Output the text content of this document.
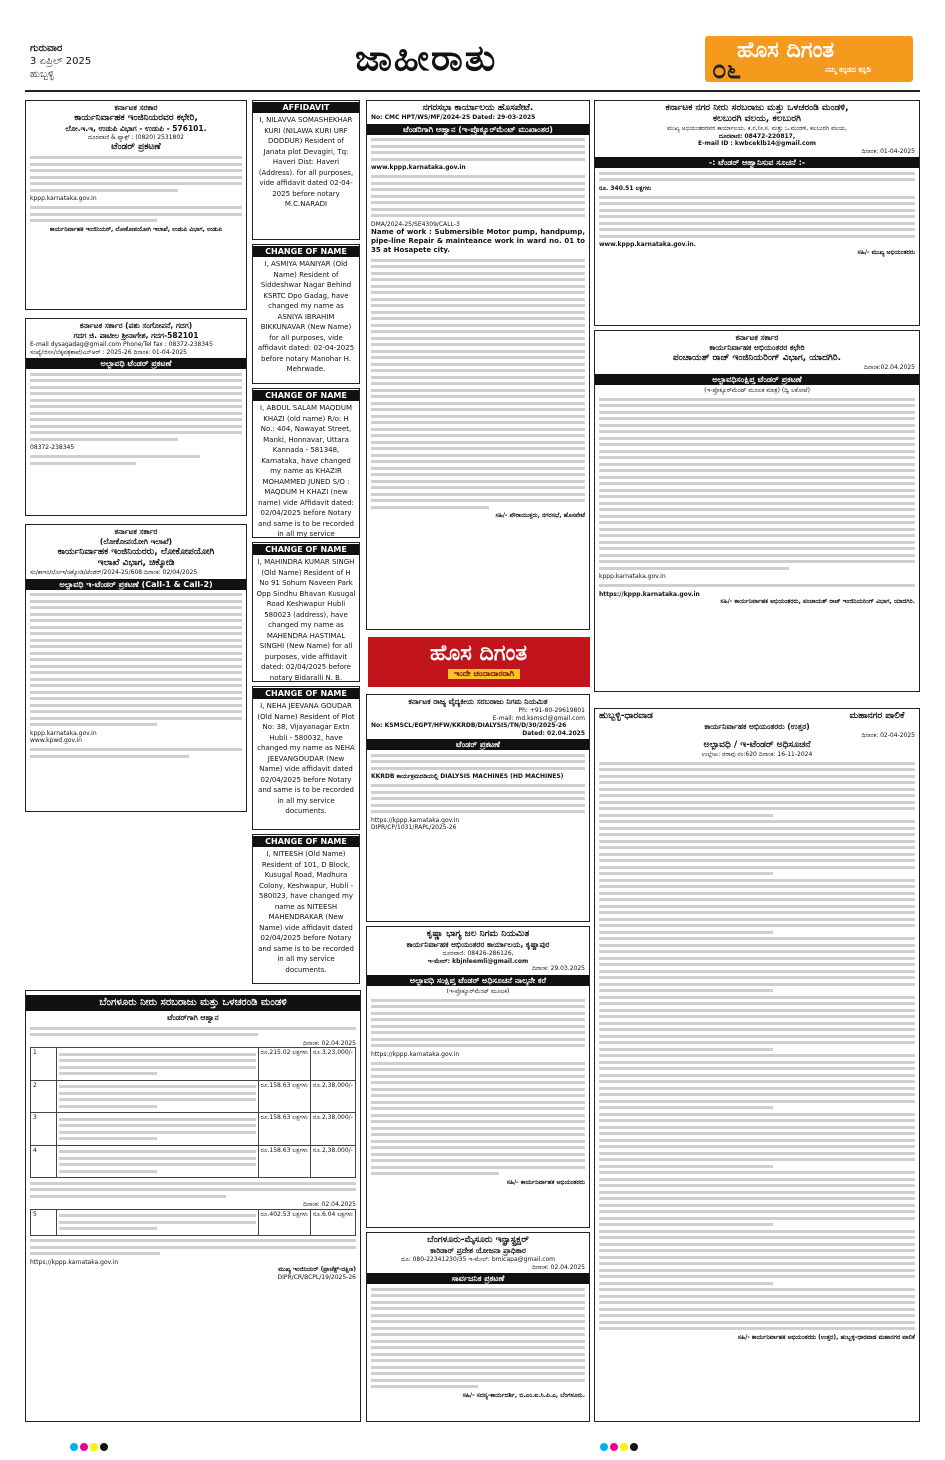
ಗುರುವಾರ
3 ಏಪ್ರಿಲ್ 2025
ಹುಬ್ಬಳ್ಳಿ	ಜಾಹೀರಾತು	ಹೊಸ ದಿಗಂತ
ನಮ್ಮ ಕನ್ನಡದ ಕನ್ನಡಿ
೦೬
ಕರ್ನಾಟಕ ಸರಕಾರ
ಕಾರ್ಯನಿರ್ವಾಹಕ ಇಂಜಿನಿಯರವರ ಕಛೇರಿ,
ಲೋ.ಇ.ಇ, ಉಡುಪಿ ವಿಭಾಗ - ಉಡುಪಿ - 576101.
ದೂರವಾಣಿ & ಫ್ಯಾಕ್ಸ್ : (0820) 2531802
ಟೆಂಡರ್ ಪ್ರಕಟಣೆ
kppp.karnataka.gov.in
ಕಾರ್ಯನಿರ್ವಾಹಕ ಇಂಜಿನಿಯರ್, ಲೋಕೋಪಯೋಗಿ ಇಲಾಖೆ, ಉಡುಪಿ ವಿಭಾಗ, ಉಡುಪಿ
ಕರ್ನಾಟಕ ಸರ್ಕಾರ (ಪಶು ಸಂಗೋಪನೆ, ಗದಗ)
ಗದಗ ಜಿ. ಪಾಟೀಲ ಶ್ರೀನಾಗೇಶ, ಗದಗ-582101
E-mail dysagadag@gmail.com Phone/Tel fax : 08372-238345
ಸಂಖ್ಯೆ/ಜಿಸಸ/ಲೆಕ್ಕಪತ್ರಶಾಖೆ/ಎನ್‌ಆರ್ : 2025-26 ದಿನಾಂಕ: 01-04-2025
ಅಲ್ಪಾವಧಿ ಟೆಂಡರ್ ಪ್ರಕಟಣೆ
08372-238345
ಕರ್ನಾಟಕ ಸರ್ಕಾರ
(ಲೋಕೋಪಯೋಗಿ ಇಲಾಖೆ)
ಕಾರ್ಯನಿರ್ವಾಹಕ ಇಂಜಿನಿಯರರು, ಲೋಕೋಪಯೋಗಿ
ಇಲಾಖೆ ವಿಭಾಗ, ಚಿಕ್ಕೋಡಿ
ಸಂ/ಕಾಇಂ/ಲೋಇ/ಚಿಕ್ಕೋಡಿ/ಟೆಂಡರ್/2024-25/608 ದಿನಾಂಕ: 02/04/2025
ಅಲ್ಪಾವಧಿ ಇ-ಟೆಂಡರ್ ಪ್ರಕಟಣೆ (Call-1 & Call-2)
kppp.karnataka.gov.in
www.kpwd.gov.in
AFFIDAVIT
I, NILAVVA SOMASHEKHAR KURI (NILAWA KURI URF DODDUR) Resident of Janata plot Devagiri, Tq: Haveri Dist: Haveri (Address). for all purposes, vide affidavit dated 02-04-2025 before notary M.C.NARADI
CHANGE OF NAME
I, ASMIYA MANIYAR (Old Name) Resident of Siddeshwar Nagar Behind KSRTC Dpo Gadag, have changed my name as ASNIYA IBRAHIM BIKKUNAVAR (New Name) for all purposes, vide affidavit dated: 02-04-2025 before notary Manohar H. Mehrwade.
CHANGE OF NAME
I, ABDUL SALAM MAQDUM KHAZI (old name) R/o: H No.: 404, Nawayat Street, Manki, Honnavar, Uttara Kannada - 581348, Karnataka, have changed my name as KHAZIR MOHAMMED JUNED S/O : MAQDUM H KHAZI (new name) vide Affidavit dated: 02/04/2025 before Notary and same is to be recorded in all my service
CHANGE OF NAME
I, MAHINDRA KUMAR SINGH (Old Name) Resident of H No 91 Sohum Naveen Park Opp Sindhu Bhavan Kusugal Road Keshwapur Hubli 580023 (address), have changed my name as MAHENDRA HASTIMAL SINGHI (New Name) for all purposes, vide affidavit dated: 02/04/2025 before notary Bidaralli N. B.
CHANGE OF NAME
I, NEHA JEEVANA GOUDAR (Old Name) Resident of Plot No: 38, Vijayanagar Extn Hubli - 580032, have changed my name as NEHA JEEVANGOUDAR (New Name) vide affidavit dated 02/04/2025 before Notary and same is to be recorded in all my service documents.
CHANGE OF NAME
I, NITEESH (Old Name) Resident of 101, D Block, Kusugal Road, Madhura Colony, Keshwapur, Hubli - 580023, have changed my name as NITEESH MAHENDRAKAR (New Name) vide affidavit dated 02/04/2025 before Notary and same is to be recorded in all my service documents.
ಬೆಂಗಳೂರು ನೀರು ಸರಬರಾಜು ಮತ್ತು ಒಳಚರಂಡಿ ಮಂಡಳಿ
ಟೆಂಡರ್‌ಗಾಗಿ ಆಹ್ವಾನ
ದಿನಾಂಕ: 02.04.2025
1		ರೂ.215.02 ಲಕ್ಷಗಳು	ರೂ.3,23,000/-
2		ರೂ.158.63 ಲಕ್ಷಗಳು	ರೂ.2,38,000/-
3		ರೂ.158.63 ಲಕ್ಷಗಳು	ರೂ.2,38,000/-
4		ರೂ.158.63 ಲಕ್ಷಗಳು	ರೂ.2,38,000/-
ದಿನಾಂಕ: 02.04.2025
5		ರೂ.402.53 ಲಕ್ಷಗಳು	ರೂ.6.04 ಲಕ್ಷಗಳು
https://kppp.karnataka.gov.in
ಮುಖ್ಯ ಇಂಜಿನಿಯರ್ (ಪ್ರಾಜೆಕ್ಟ್-ದಕ್ಷಿಣ)
DIPR/CR/BCPL/19/2025-26
ನಗರಸಭಾ ಕಾರ್ಯಾಲಯ ಹೊಸಪೇಟೆ.
No: CMC HPT/WS/MF/2024-25 Dated: 29-03-2025
ಟೆಂಡರಿಗಾಗಿ ಆಹ್ವಾನ (ಇ-ಪ್ರೊಕ್ಯೂರ್‌ಮೆಂಟ್ ಮುಖಾಂತರ)
www.kppp.karnataka.gov.in
DMA/2024-25/SE4309/CALL-3
Name of work : Submersible Motor pump, handpump, pipe-line Repair & mainteance work in ward no. 01 to 35 at Hosapete city.
ಸಹಿ/- ಪೌರಾಯುಕ್ತರು, ನಗರಸಭೆ, ಹೊಸಪೇಟೆ
ಹೊಸ ದಿಗಂತ
ಇಂದೇ ಚಂದಾದಾರರಾಗಿ
ಕರ್ನಾಟಕ ರಾಜ್ಯ ವೈದ್ಯಕೀಯ ಸರಬರಾಜು ನಿಗಮ ನಿಯಮಿತ
Ph: +91-80-29619801
E-mail: md.ksmscl@gmail.com
No: KSMSCL/EGPT/HFW/KKRDB/DIALYSIS/TN/D/30/2025-26
Dated: 02.04.2025
ಟೆಂಡರ್ ಪ್ರಕಟಣೆ
KKRDB ಕಾರ್ಯಕ್ರಮದಡಿಯಲ್ಲಿ DIALYSIS MACHINES (HD MACHINES)
https://kppp.karnataka.gov.in
DIPR/CP/1031/RAPL/2025-26
ಕೃಷ್ಣಾ ಭಾಗ್ಯ ಜಲ ನಿಗಮ ನಿಯಮಿತ
ಕಾರ್ಯನಿರ್ವಾಹಕ ಅಭಿಯಂತರರ ಕಾರ್ಯಾಲಯ, ಕೃಷ್ಣಾಪುರ
ದೂರವಾಣಿ: 08426-286126,
ಇ-ಮೇಲ್: kbjnleemli@gmail.com
ದಿನಾಂಕ: 29.03.2025
ಅಲ್ಪಾವಧಿ ಸಂಕ್ಷಿಪ್ತ ಟೆಂಡರ್ ಅಧಿಸೂಚನೆ ನಾಲ್ಕನೇ ಕರೆ
(ಇ-ಪ್ರೊಕ್ಯೂರ್‌ಮೆಂಟ್ ಮೂಲಕ)
https://kppp.karnataka.gov.in
ಸಹಿ/- ಕಾರ್ಯನಿರ್ವಾಹಕ ಅಭಿಯಂತರರು
ಬೆಂಗಳೂರು-ಮೈಸೂರು ಇನ್ಫ್ರಾಸ್ಟ್ರಕ್ಚರ್
ಕಾರಿಡಾರ್ ಪ್ರದೇಶ ಯೋಜನಾ ಪ್ರಾಧಿಕಾರ
ದೂ: 080-22341230/35 ಇ-ಮೇಲ್: bmicapa@gmail.com
ದಿನಾಂಕ: 02.04.2025
ಸಾರ್ವಜನಿಕ ಪ್ರಕಟಣೆ
ಸಹಿ/- ಸದಸ್ಯ-ಕಾರ್ಯದರ್ಶಿ, ಬಿ.ಎಂ.ಐ.ಸಿ.ಪಿ.ಎ, ಬೆಂಗಳೂರು.
ಕರ್ನಾಟಕ ನಗರ ನೀರು ಸರಬರಾಜು ಮತ್ತು ಒಳಚರಂಡಿ ಮಂಡಳಿ,
ಕಲಬುರಗಿ ವಲಯ, ಕಲಬುರಗಿ
ಮುಖ್ಯ ಅಭಿಯಂತರರವರ ಕಾರ್ಯಾಲಯ, ಕ.ನ.ನೀ.ಸ. ಮತ್ತು ಒ.ಮಂಡಳಿ, ಕಲಬುರಗಿ ವಲಯ,
ದೂರವಾಣಿ: 08472-220817,
E-mail ID : kwbceklb14@gmail.com
ದಿನಾಂಕ: 01-04-2025
-: ಟೆಂಡರ್ ಆಹ್ವಾನಿಸುವ ಸೂಚನೆ :-
ರೂ. 340.51 ಲಕ್ಷಗಳು
www.kppp.karnataka.gov.in.
ಸಹಿ/- ಮುಖ್ಯ ಅಭಿಯಂತರರು
ಕರ್ನಾಟಕ ಸರ್ಕಾರ
ಕಾರ್ಯನಿರ್ವಾಹಕ ಅಭಿಯಂತರರ ಕಛೇರಿ
ಪಂಚಾಯತ್ ರಾಜ್ ಇಂಜಿನಿಯರಿಂಗ್ ವಿಭಾಗ, ಯಾದಗಿರಿ.
ದಿನಾಂಕ:02.04.2025
ಅಲ್ಪಾವಧಿಸಂಕ್ಷಿಪ್ತ ಟೆಂಡರ್ ಪ್ರಕಟಣೆ
(ಇ-ಪ್ರೊಕ್ಯೂರ್‌ಮೆಂಟ್ ಮೂಲಕ ಮಾತ್ರ) (ದ್ವಿ ಲಕೋಟೆ)
kppp.karnataka.gov.in
https://kppp.karnataka.gov.in
ಸಹಿ/- ಕಾರ್ಯನಿರ್ವಾಹಕ ಅಭಿಯಂತರರು, ಪಂಚಾಯತ್ ರಾಜ್ ಇಂಜಿನಿಯರಿಂಗ್ ವಿಭಾಗ, ಯಾದಗಿರಿ.
ಹುಬ್ಬಳ್ಳಿ-ಧಾರವಾಡ	ಮಹಾನಗರ ಪಾಲಿಕೆ
ಕಾರ್ಯನಿರ್ವಾಹಕ ಅಭಿಯಂತರರು (ಉತ್ತರ)
ದಿನಾಂಕ: 02-04-2025
ಅಲ್ಪಾವಧಿ / ಇ-ಟೆಂಡರ್ ಅಧಿಸೂಚನೆ
ಉಲ್ಲೇಖ: ಠರಾವು ನಂ:620 ದಿನಾಂಕ: 16-11-2024
ಸಹಿ/- ಕಾರ್ಯನಿರ್ವಾಹಕ ಅಭಿಯಂತರರು (ಉತ್ತರ), ಹುಬ್ಬಳ್ಳಿ-ಧಾರವಾಡ ಮಹಾನಗರ ಪಾಲಿಕೆ
